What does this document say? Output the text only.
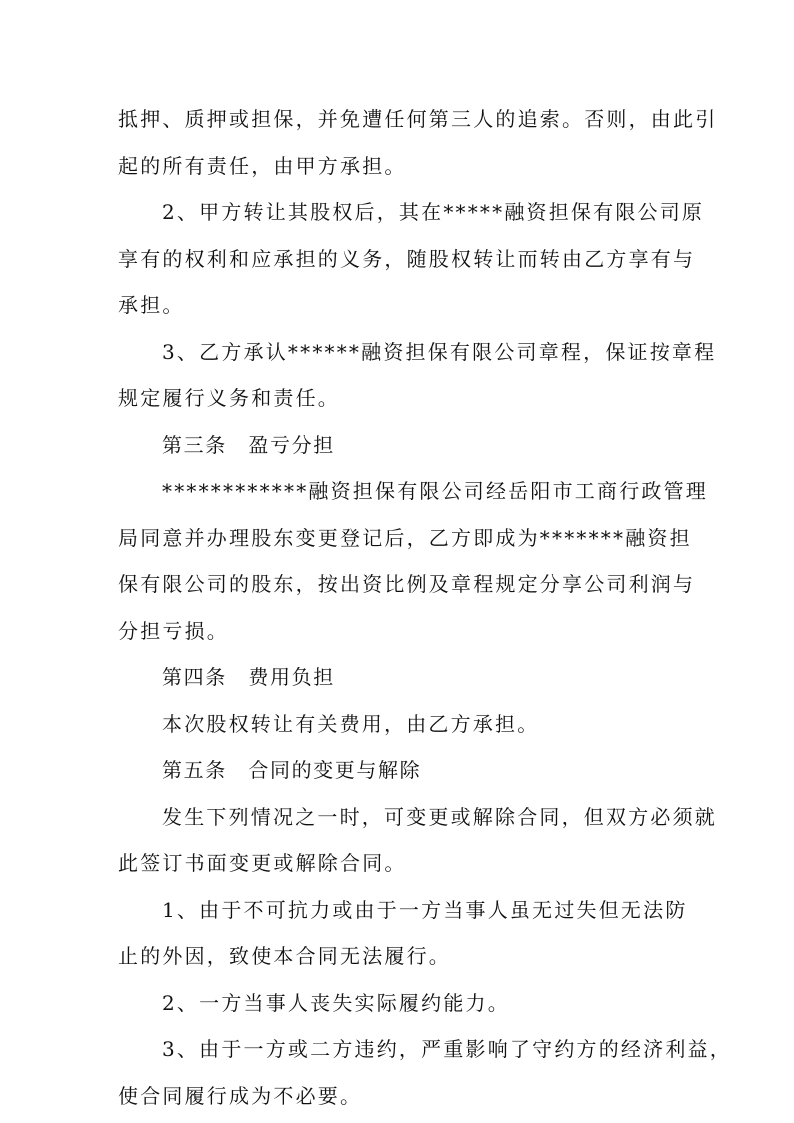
抵押、质押或担保，并免遭任何第三人的追索。否则，由此引

起的所有责任，由甲方承担。

2、甲方转让其股权后，其在*****融资担保有限公司原

享有的权利和应承担的义务，随股权转让而转由乙方享有与

承担。

3、乙方承认******融资担保有限公司章程，保证按章程

规定履行义务和责任。

第三条　盈亏分担

************融资担保有限公司经岳阳市工商行政管理

局同意并办理股东变更登记后，乙方即成为*******融资担

保有限公司的股东，按出资比例及章程规定分享公司利润与

分担亏损。

第四条　费用负担

本次股权转让有关费用，由乙方承担。

第五条　合同的变更与解除

发生下列情况之一时，可变更或解除合同，但双方必须就

此签订书面变更或解除合同。

1、由于不可抗力或由于一方当事人虽无过失但无法防

止的外因，致使本合同无法履行。

2、一方当事人丧失实际履约能力。

3、由于一方或二方违约，严重影响了守约方的经济利益，

使合同履行成为不必要。
